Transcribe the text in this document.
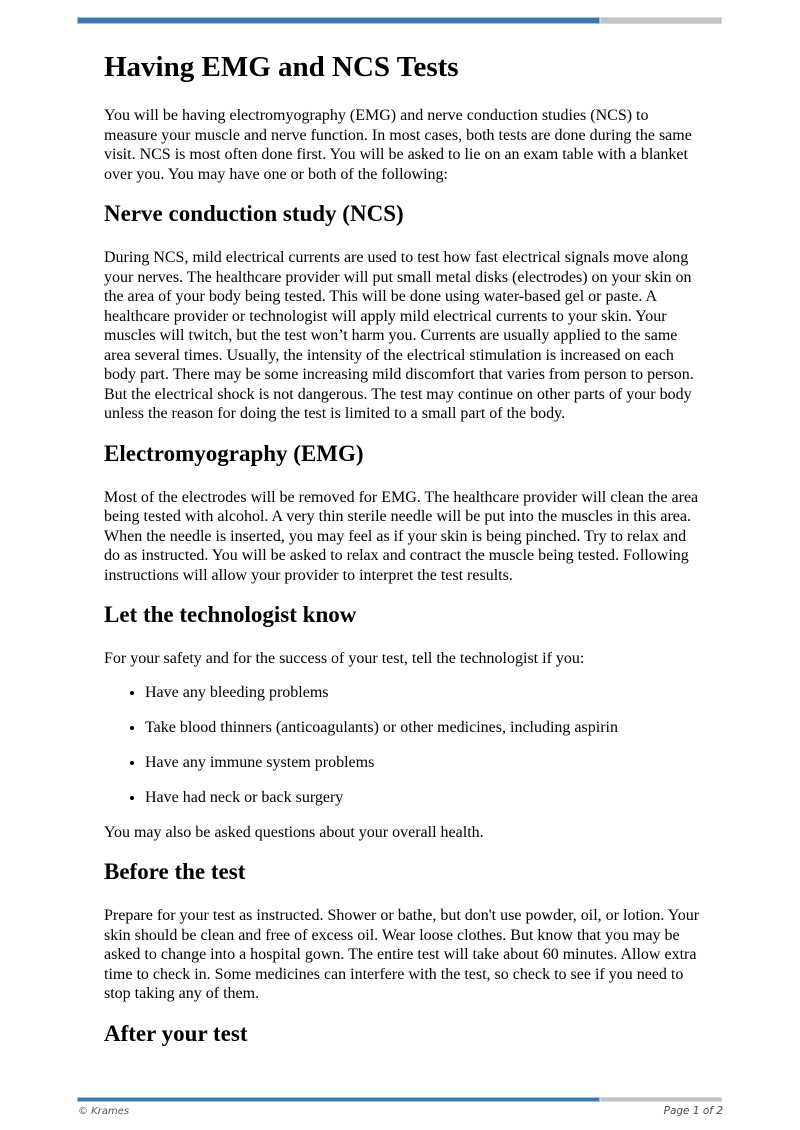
Having EMG and NCS Tests

You will be having electromyography (EMG) and nerve conduction studies (NCS) to measure your muscle and nerve function. In most cases, both tests are done during the same visit. NCS is most often done first. You will be asked to lie on an exam table with a blanket over you. You may have one or both of the following:

Nerve conduction study (NCS)

During NCS, mild electrical currents are used to test how fast electrical signals move along your nerves. The healthcare provider will put small metal disks (electrodes) on your skin on the area of your body being tested. This will be done using water-based gel or paste. A healthcare provider or technologist will apply mild electrical currents to your skin. Your muscles will twitch, but the test won’t harm you. Currents are usually applied to the same area several times. Usually, the intensity of the electrical stimulation is increased on each body part. There may be some increasing mild discomfort that varies from person to person. But the electrical shock is not dangerous. The test may continue on other parts of your body unless the reason for doing the test is limited to a small part of the body.

Electromyography (EMG)

Most of the electrodes will be removed for EMG. The healthcare provider will clean the area being tested with alcohol. A very thin sterile needle will be put into the muscles in this area. When the needle is inserted, you may feel as if your skin is being pinched. Try to relax and do as instructed. You will be asked to relax and contract the muscle being tested. Following instructions will allow your provider to interpret the test results.

Let the technologist know

For your safety and for the success of your test, tell the technologist if you:

• Have any bleeding problems
• Take blood thinners (anticoagulants) or other medicines, including aspirin
• Have any immune system problems
• Have had neck or back surgery

You may also be asked questions about your overall health.

Before the test

Prepare for your test as instructed. Shower or bathe, but don't use powder, oil, or lotion. Your skin should be clean and free of excess oil. Wear loose clothes. But know that you may be asked to change into a hospital gown. The entire test will take about 60 minutes. Allow extra time to check in. Some medicines can interfere with the test, so check to see if you need to stop taking any of them.

After your test
© Krames	Page 1 of 2
